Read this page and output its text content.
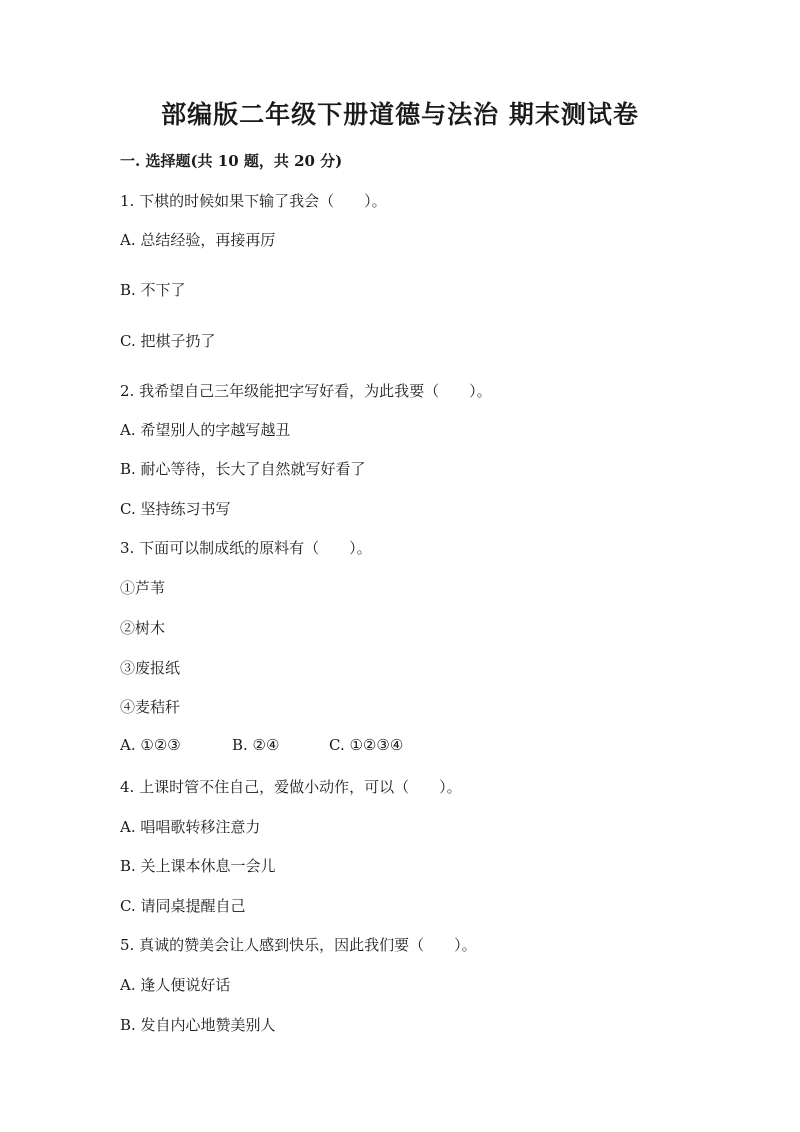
部编版二年级下册道德与法治 期末测试卷
一. 选择题(共 10 题，共 20 分)
1. 下棋的时候如果下输了我会（　　）。
A. 总结经验，再接再厉
B. 不下了
C. 把棋子扔了
2. 我希望自己三年级能把字写好看，为此我要（　　）。
A. 希望别人的字越写越丑
B. 耐心等待，长大了自然就写好看了
C. 坚持练习书写
3. 下面可以制成纸的原料有（　　）。
①芦苇
②树木
③废报纸
④麦秸秆
A. ①②③	B. ②④	C. ①②③④
4. 上课时管不住自己，爱做小动作，可以（　　）。
A. 唱唱歌转移注意力
B. 关上课本休息一会儿
C. 请同桌提醒自己
5. 真诚的赞美会让人感到快乐，因此我们要（　　）。
A. 逢人便说好话
B. 发自内心地赞美别人
